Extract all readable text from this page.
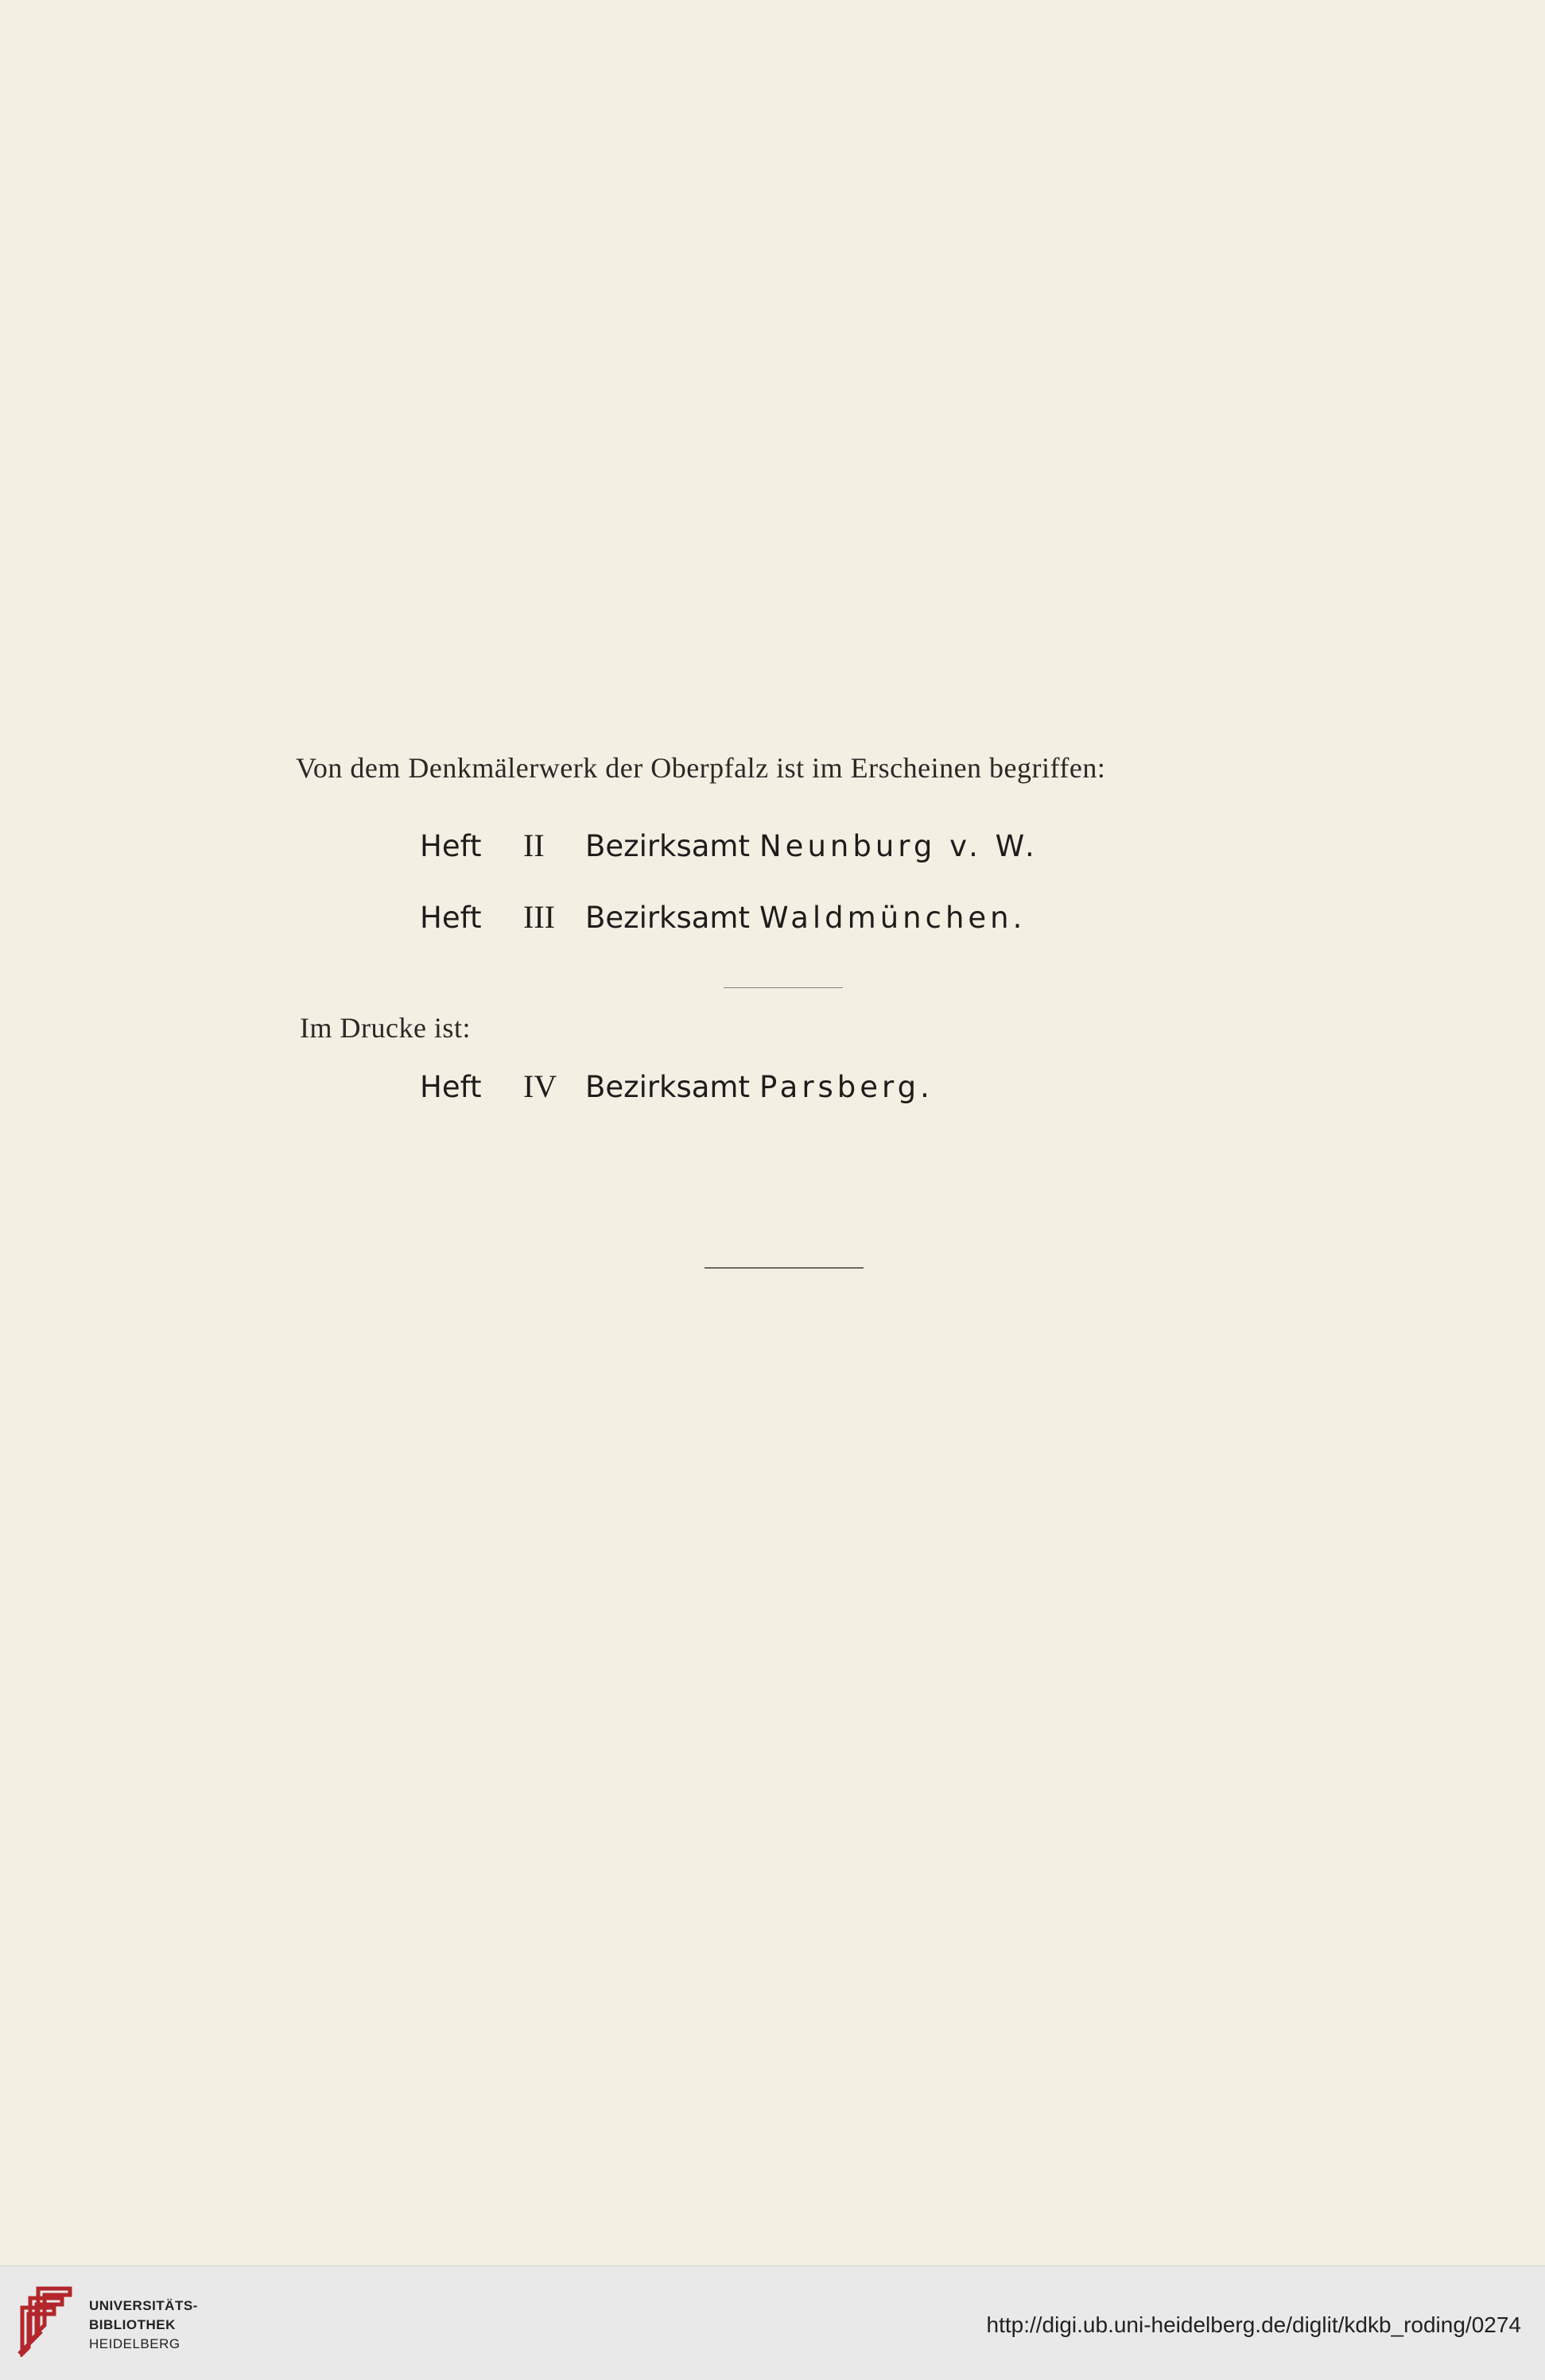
Von dem Denkmälerwerk der Oberpfalz ist im Erscheinen begriffen:
Heft II Bezirksamt Neunburg v. W.
Heft III Bezirksamt Waldmünchen.
Im Drucke ist:
Heft IV Bezirksamt Parsberg.
UNIVERSITÄTS-
BIBLIOTHEK
HEIDELBERG
http://digi.ub.uni-heidelberg.de/diglit/kdkb_roding/0274
